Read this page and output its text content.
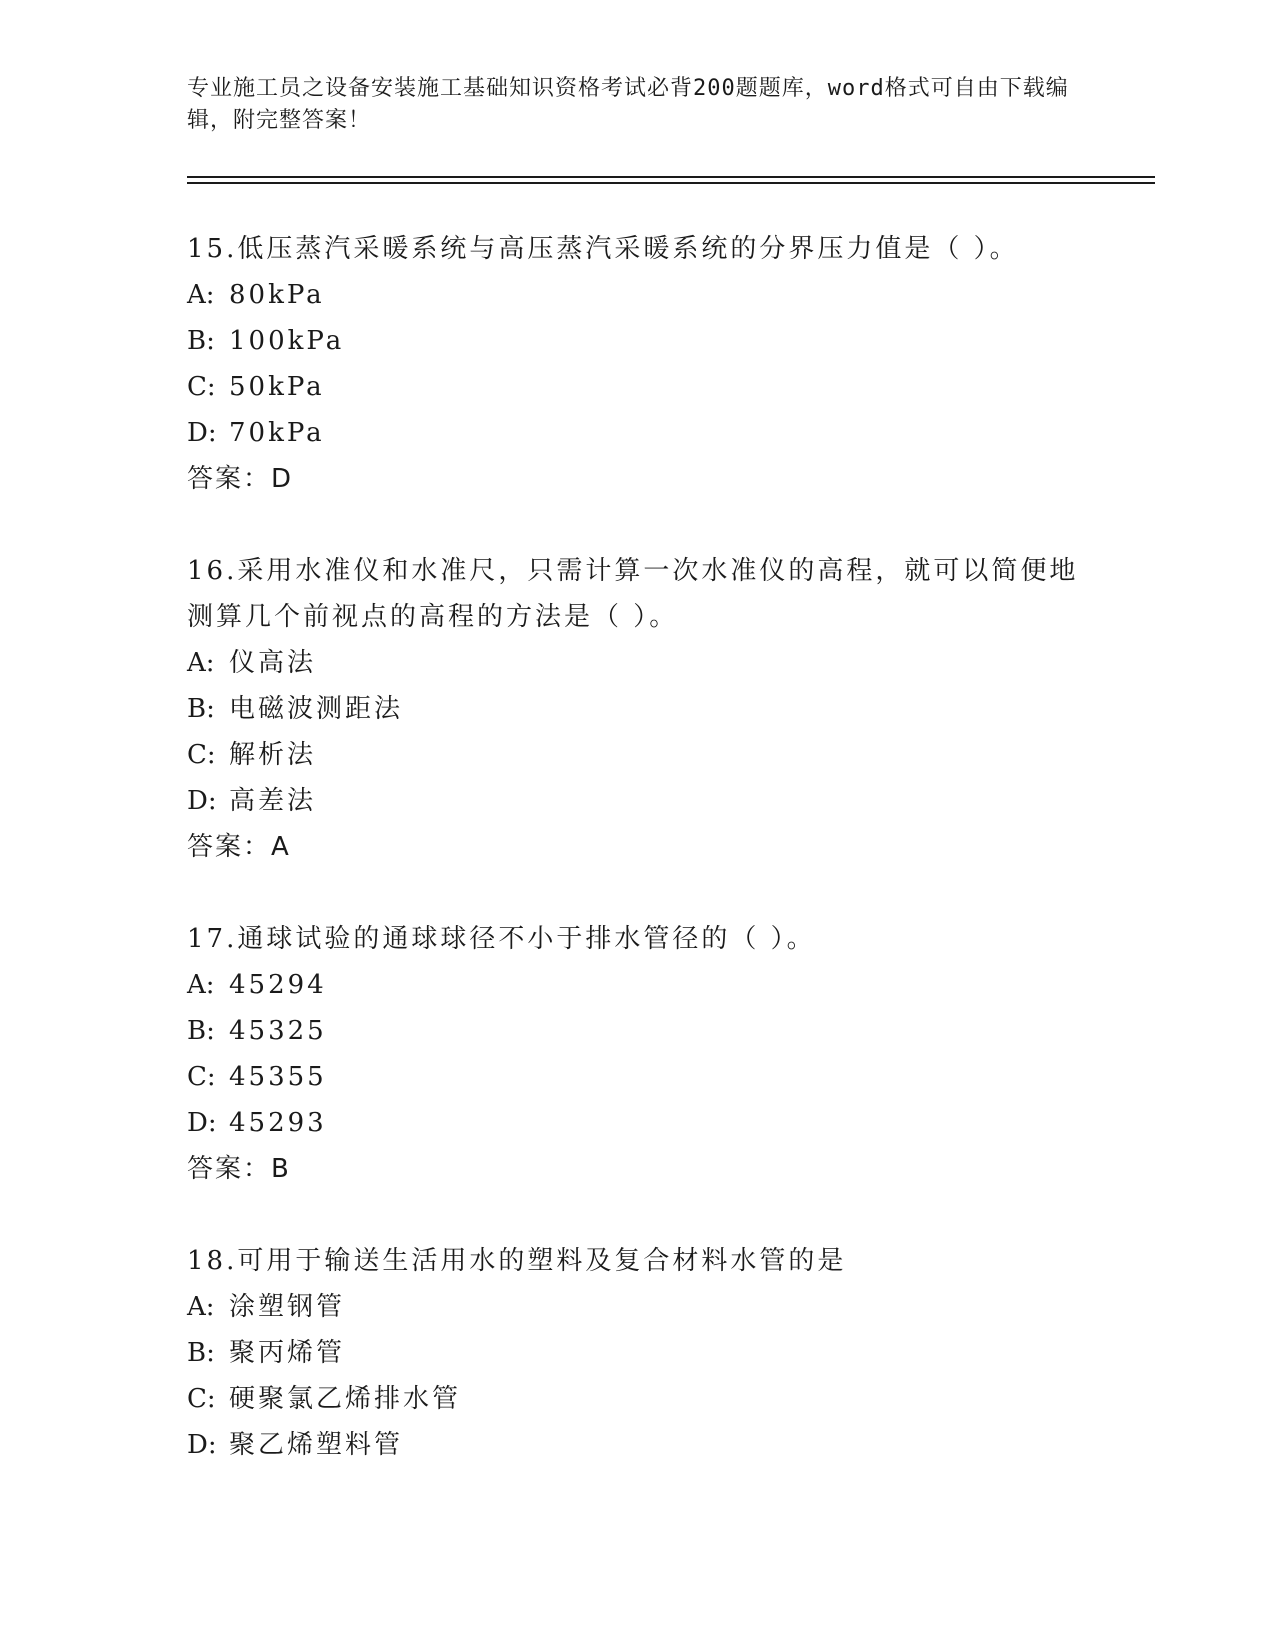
专业施工员之设备安装施工基础知识资格考试必背200题题库，word格式可自由下载编辑，附完整答案！

15.低压蒸汽采暖系统与高压蒸汽采暖系统的分界压力值是（ ）。

A: 80kPa
B: 100kPa
C: 50kPa
D: 70kPa
答案：D

16.采用水准仪和水准尺，只需计算一次水准仪的高程，就可以简便地测算几个前视点的高程的方法是（ ）。

A: 仪高法
B: 电磁波测距法
C: 解析法
D: 高差法
答案：A

17.通球试验的通球球径不小于排水管径的（ ）。

A: 45294
B: 45325
C: 45355
D: 45293
答案：B

18.可用于输送生活用水的塑料及复合材料水管的是

A: 涂塑钢管
B: 聚丙烯管
C: 硬聚氯乙烯排水管
D: 聚乙烯塑料管
